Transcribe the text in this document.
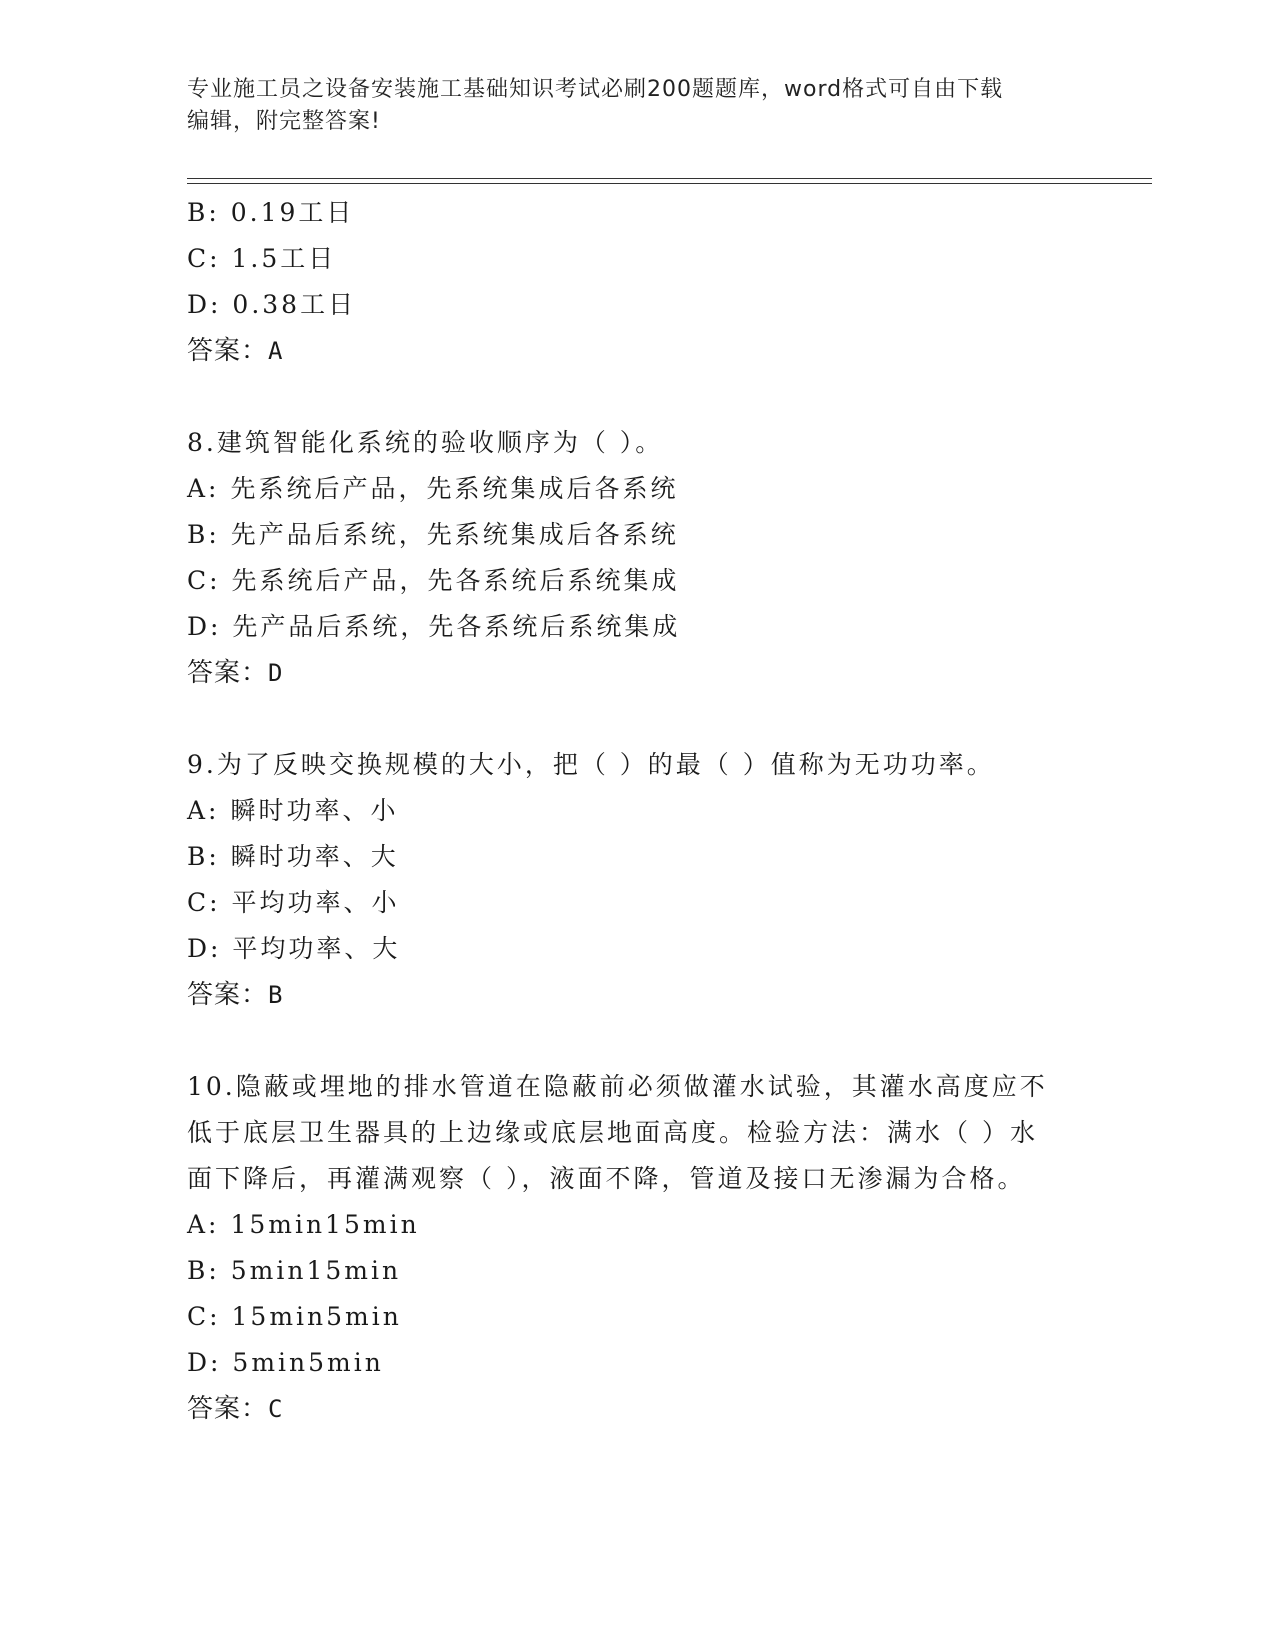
专业施工员之设备安装施工基础知识考试必刷200题题库，word格式可自由下载
编辑，附完整答案!
B: 0.19工日
C: 1.5工日
D: 0.38工日
答案：A
8.建筑智能化系统的验收顺序为（ ）。
A: 先系统后产品，先系统集成后各系统
B: 先产品后系统，先系统集成后各系统
C: 先系统后产品，先各系统后系统集成
D: 先产品后系统，先各系统后系统集成
答案：D
9.为了反映交换规模的大小，把（ ）的最（ ）值称为无功功率。
A: 瞬时功率、小
B: 瞬时功率、大
C: 平均功率、小
D: 平均功率、大
答案：B
10.隐蔽或埋地的排水管道在隐蔽前必须做灌水试验，其灌水高度应不
低于底层卫生器具的上边缘或底层地面高度。检验方法：满水（ ）水
面下降后，再灌满观察（ ），液面不降，管道及接口无渗漏为合格。
A: 15min15min
B: 5min15min
C: 15min5min
D: 5min5min
答案：C
